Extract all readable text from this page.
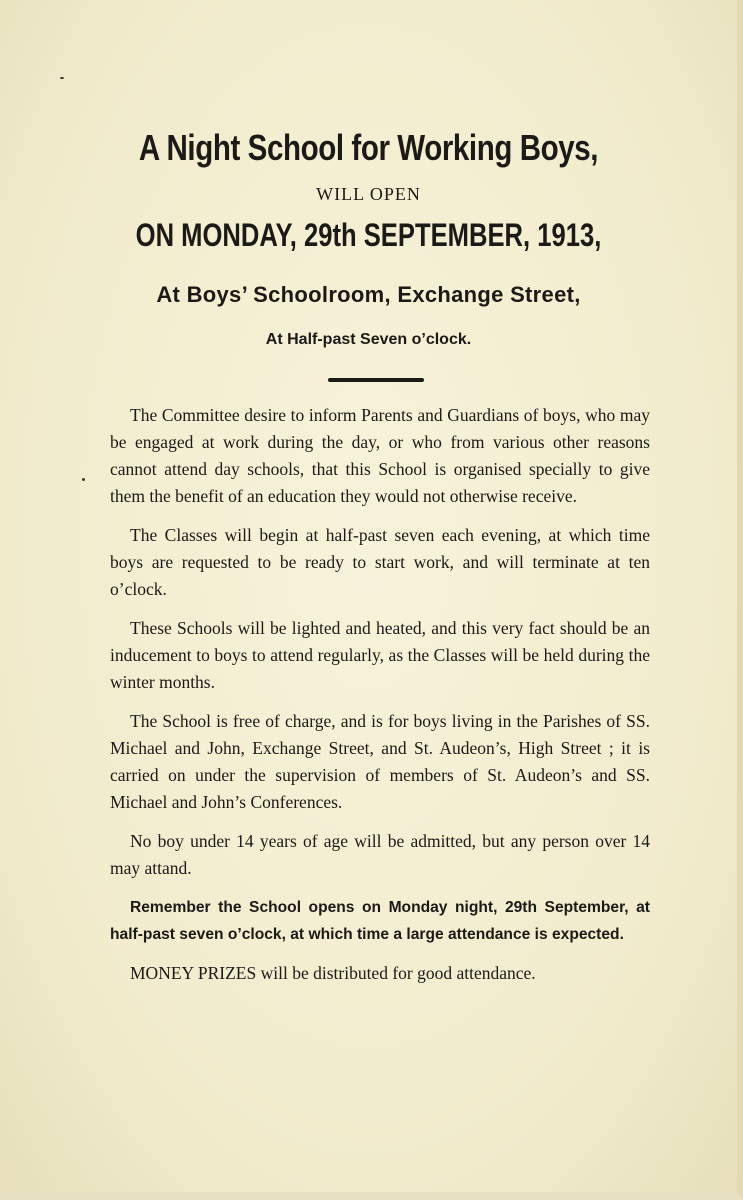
A Night School for Working Boys,
WILL OPEN
ON MONDAY, 29th SEPTEMBER, 1913,
At Boys’ Schoolroom, Exchange Street,
At Half-past Seven o’clock.

The Committee desire to inform Parents and Guardians of boys, who may be engaged at work during the day, or who from various other reasons cannot attend day schools, that this School is organised specially to give them the benefit of an education they would not otherwise receive.

The Classes will begin at half-past seven each evening, at which time boys are requested to be ready to start work, and will terminate at ten o’clock.

These Schools will be lighted and heated, and this very fact should be an inducement to boys to attend regularly, as the Classes will be held during the winter months.

The School is free of charge, and is for boys living in the Parishes of SS. Michael and John, Exchange Street, and St. Audeon’s, High Street ; it is carried on under the supervision of members of St. Audeon’s and SS. Michael and John’s Conferences.

No boy under 14 years of age will be admitted, but any person over 14 may attand.

Remember the School opens on Monday night, 29th September, at half-past seven o’clock, at which time a large attendance is expected.

MONEY PRIZES will be distributed for good attendance.
